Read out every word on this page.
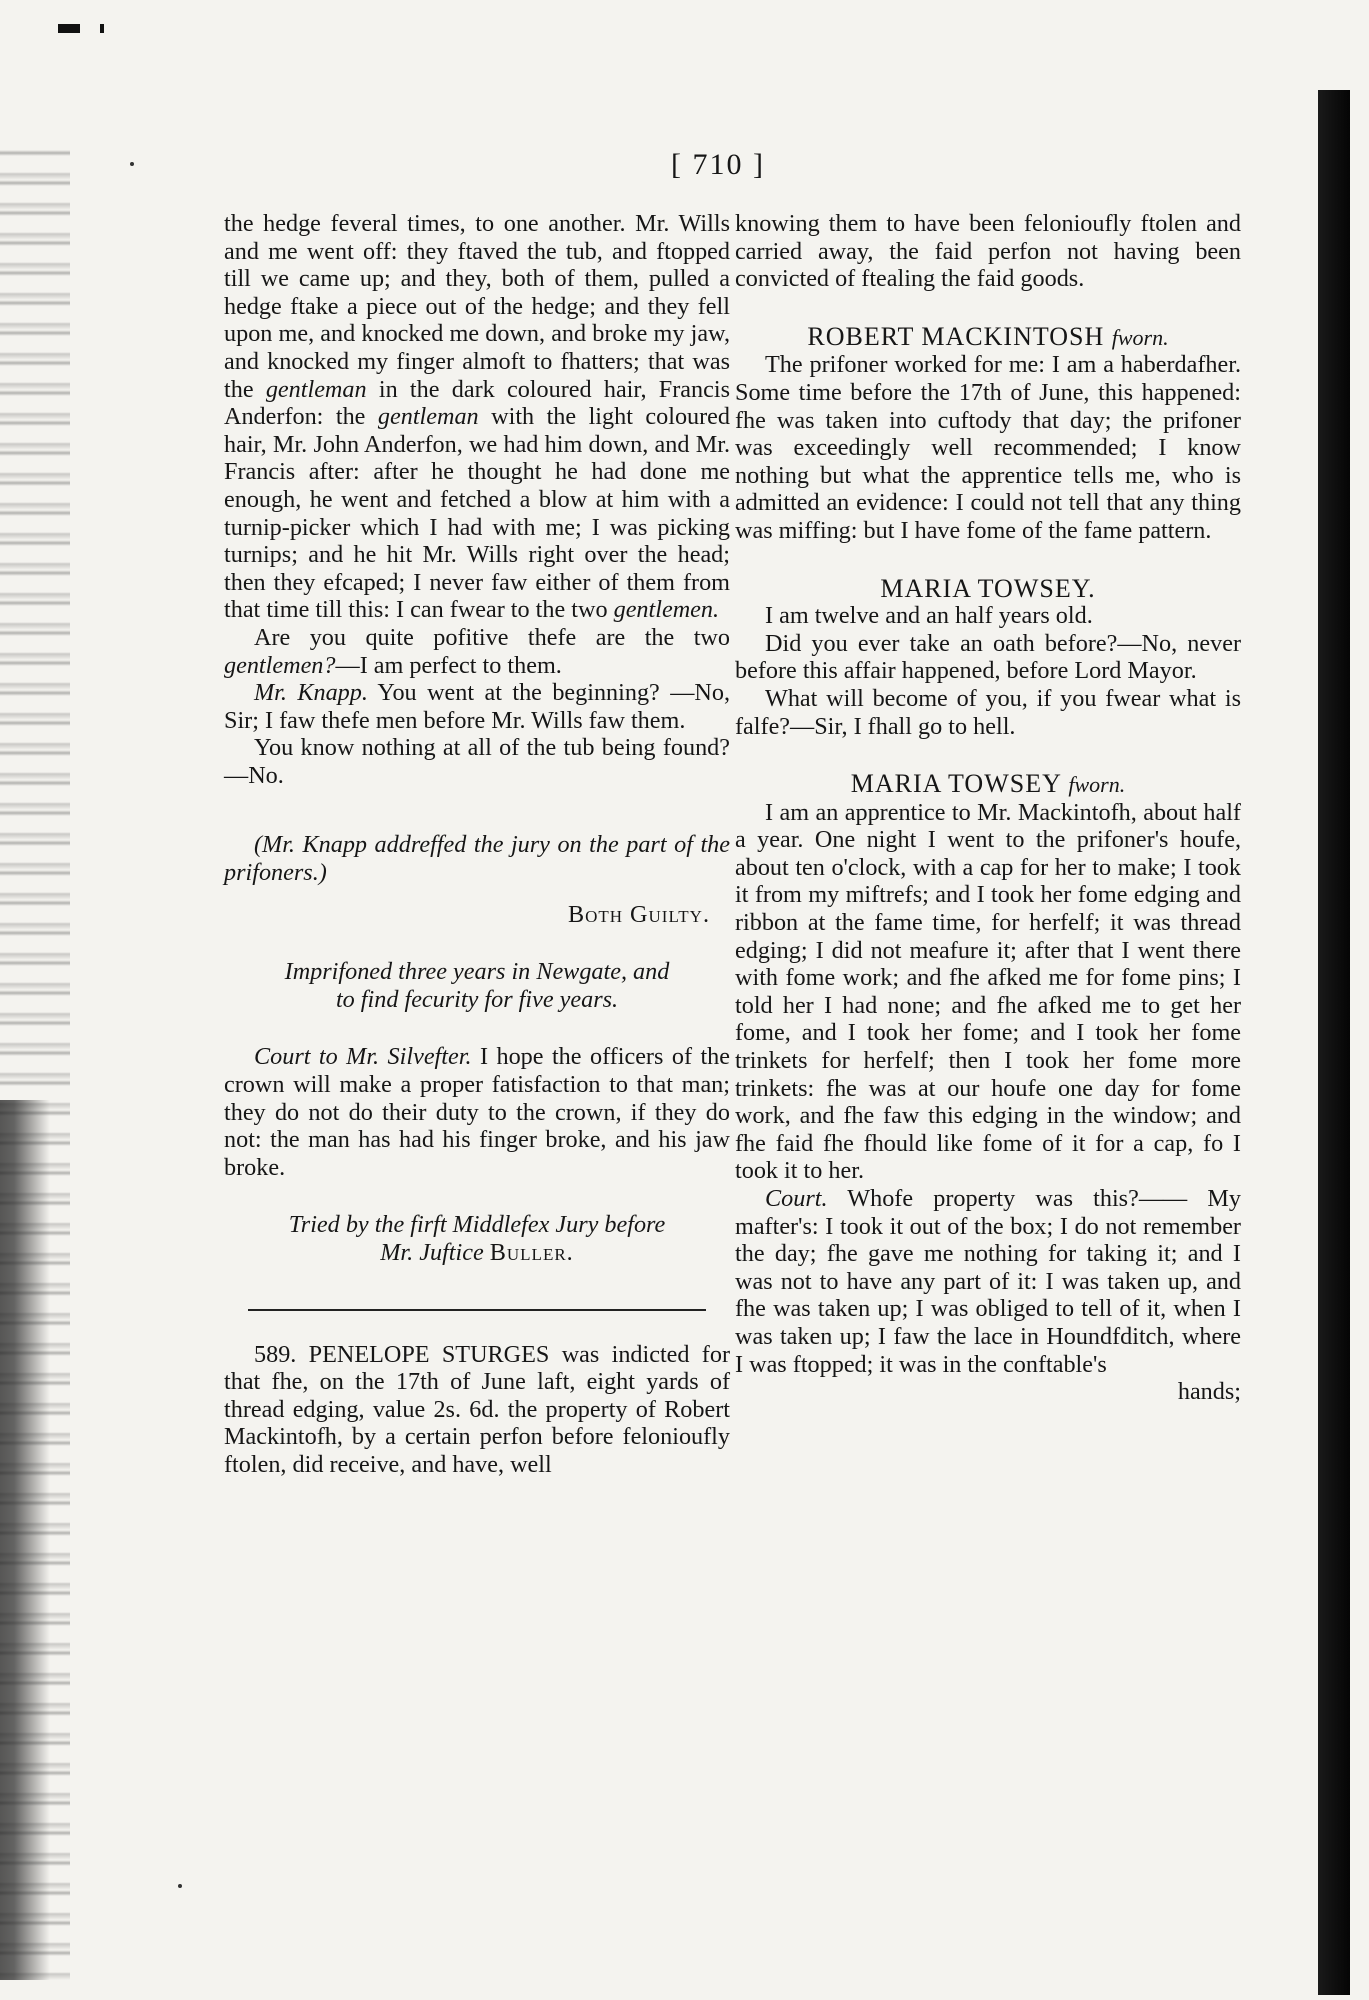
[ 710 ]

the hedge feveral times, to one another. Mr. Wills and me went off: they ftaved the tub, and ftopped till we came up; and they, both of them, pulled a hedge ftake a piece out of the hedge; and they fell upon me, and knocked me down, and broke my jaw, and knocked my finger almoft to fhatters; that was the gentleman in the dark coloured hair, Francis Anderfon: the gentleman with the light coloured hair, Mr. John Anderfon, we had him down, and Mr. Francis after: after he thought he had done me enough, he went and fetched a blow at him with a turnip-picker which I had with me; I was picking turnips; and he hit Mr. Wills right over the head; then they efcaped; I never faw either of them from that time till this: I can fwear to the two gentlemen.

Are you quite pofitive thefe are the two gentlemen?—I am perfect to them.

Mr. Knapp. You went at the beginning? —No, Sir; I faw thefe men before Mr. Wills faw them.

You know nothing at all of the tub being found?—No.

(Mr. Knapp addreffed the jury on the part of the prifoners.)

Both Guilty.

Imprifoned three years in Newgate, and

to find fecurity for five years.

Court to Mr. Silvefter. I hope the officers of the crown will make a proper fatisfaction to that man; they do not do their duty to the crown, if they do not: the man has had his finger broke, and his jaw broke.

Tried by the firft Middlefex Jury before

Mr. Juftice Buller.

589. PENELOPE STURGES was indicted for that fhe, on the 17th of June laft, eight yards of thread edging, value 2s. 6d. the property of Robert Mackintofh, by a certain perfon before felonioufly ftolen, did receive, and have, well

knowing them to have been felonioufly ftolen and carried away, the faid perfon not having been convicted of ftealing the faid goods.

ROBERT MACKINTOSH fworn.

The prifoner worked for me: I am a haberdafher. Some time before the 17th of June, this happened: fhe was taken into cuftody that day; the prifoner was exceedingly well recommended; I know nothing but what the apprentice tells me, who is admitted an evidence: I could not tell that any thing was miffing: but I have fome of the fame pattern.

MARIA TOWSEY.

I am twelve and an half years old.

Did you ever take an oath before?—No, never before this affair happened, before Lord Mayor.

What will become of you, if you fwear what is falfe?—Sir, I fhall go to hell.

MARIA TOWSEY fworn.

I am an apprentice to Mr. Mackintofh, about half a year. One night I went to the prifoner's houfe, about ten o'clock, with a cap for her to make; I took it from my miftrefs; and I took her fome edging and ribbon at the fame time, for herfelf; it was thread edging; I did not meafure it; after that I went there with fome work; and fhe afked me for fome pins; I told her I had none; and fhe afked me to get her fome, and I took her fome; and I took her fome trinkets for herfelf; then I took her fome more trinkets: fhe was at our houfe one day for fome work, and fhe faw this edging in the window; and fhe faid fhe fhould like fome of it for a cap, fo I took it to her.

Court. Whofe property was this?—— My mafter's: I took it out of the box; I do not remember the day; fhe gave me nothing for taking it; and I was not to have any part of it: I was taken up, and fhe was taken up; I was obliged to tell of it, when I was taken up; I faw the lace in Houndfditch, where I was ftopped; it was in the conftable's

hands;
